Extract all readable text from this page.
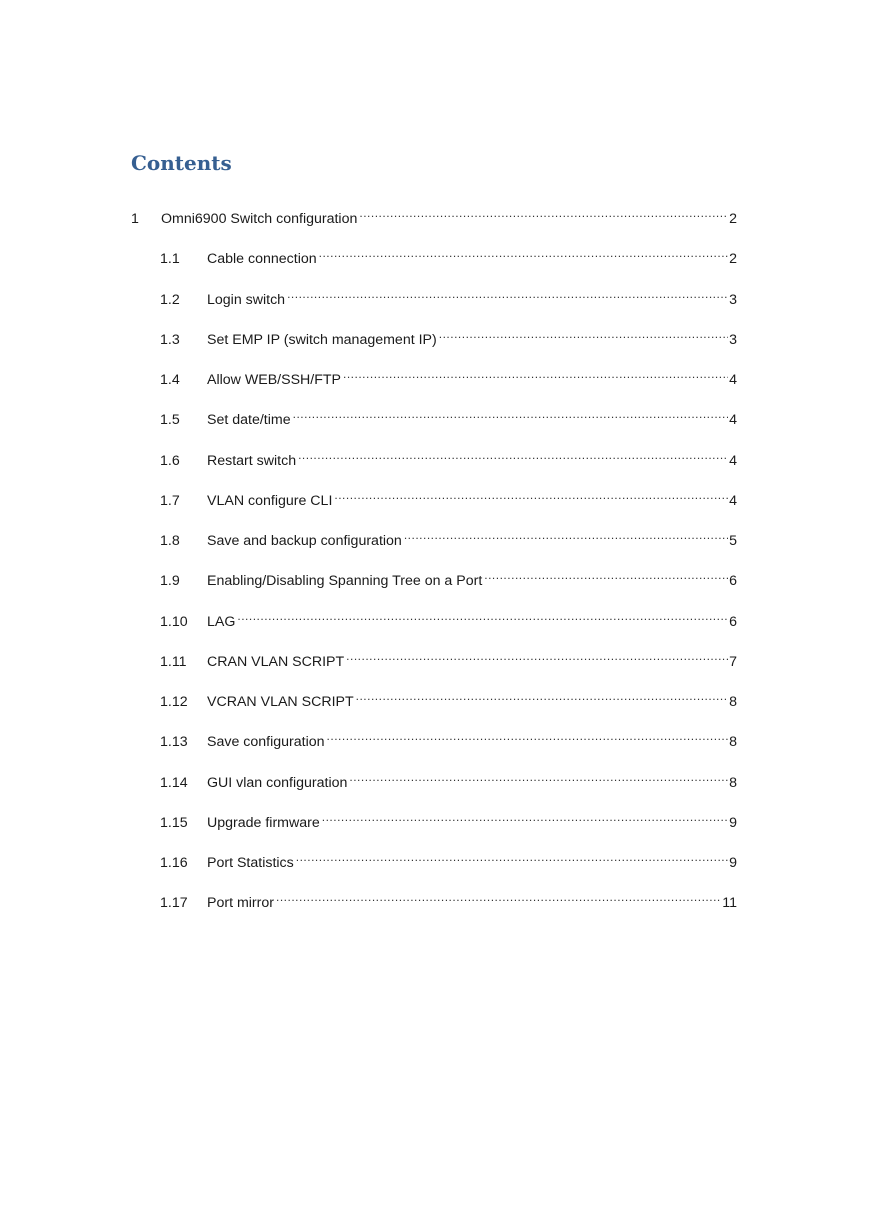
Contents
1	Omni6900 Switch configuration .....	2
1.1	Cable connection .....	2
1.2	Login switch .....	3
1.3	Set EMP IP (switch management IP) .....	3
1.4	Allow WEB/SSH/FTP .....	4
1.5	Set date/time .....	4
1.6	Restart switch .....	4
1.7	VLAN configure CLI .....	4
1.8	Save and backup configuration .....	5
1.9	Enabling/Disabling Spanning Tree on a Port .....	6
1.10	LAG .....	6
1.11	CRAN VLAN SCRIPT .....	7
1.12	VCRAN VLAN SCRIPT .....	8
1.13	Save configuration .....	8
1.14	GUI vlan configuration .....	8
1.15	Upgrade firmware .....	9
1.16	Port Statistics .....	9
1.17	Port mirror .....	11
